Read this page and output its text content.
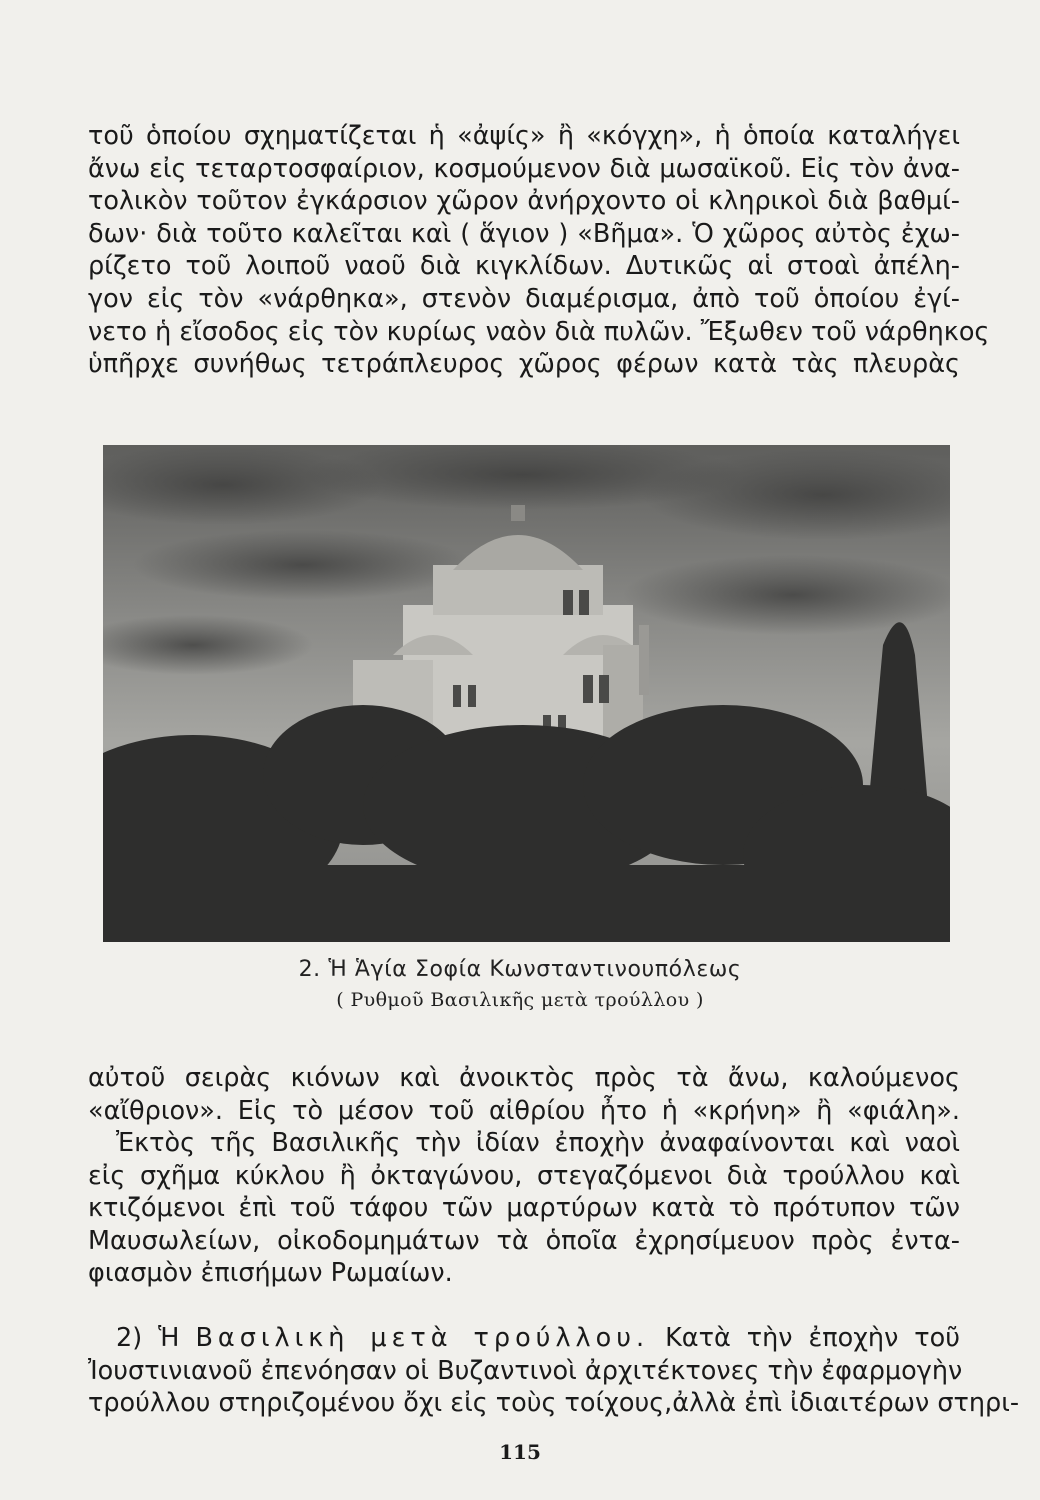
τοῦ ὁποίου σχηματίζεται ἡ «ἀψίς» ἢ «κόγχη», ἡ ὁποία καταλήγει
ἄνω εἰς τεταρτοσφαίριον, κοσμούμενον διὰ μωσαϊκοῦ. Εἰς τὸν ἀνα-
τολικὸν τοῦτον ἐγκάρσιον χῶρον ἀνήρχοντο οἱ κληρικοὶ διὰ βαθμί-
δων· διὰ τοῦτο καλεῖται καὶ ( ἅγιον ) «Βῆμα». Ὁ χῶρος αὐτὸς ἐχω-
ρίζετο τοῦ λοιποῦ ναοῦ διὰ κιγκλίδων. Δυτικῶς αἱ στοαὶ ἀπέλη-
γον εἰς τὸν «νάρθηκα», στενὸν διαμέρισμα, ἀπὸ τοῦ ὁποίου ἐγί-
νετο ἡ εἴσοδος εἰς τὸν κυρίως ναὸν διὰ πυλῶν. Ἔξωθεν τοῦ νάρθηκος
ὑπῆρχε συνήθως τετράπλευρος χῶρος φέρων κατὰ τὰς πλευρὰς
2. Ἡ Ἁγία Σοφία Κωνσταντινουπόλεως
( Ρυθμοῦ Βασιλικῆς μετὰ τρούλλου )
αὐτοῦ σειρὰς κιόνων καὶ ἀνοικτὸς πρὸς τὰ ἄνω, καλούμενος
«αἴθριον». Εἰς τὸ μέσον τοῦ αἰθρίου ἦτο ἡ «κρήνη» ἢ «φιάλη».
Ἐκτὸς τῆς Βασιλικῆς τὴν ἰδίαν ἐποχὴν ἀναφαίνονται καὶ ναοὶ
εἰς σχῆμα κύκλου ἢ ὀκταγώνου, στεγαζόμενοι διὰ τρούλλου καὶ
κτιζόμενοι ἐπὶ τοῦ τάφου τῶν μαρτύρων κατὰ τὸ πρότυπον τῶν
Μαυσωλείων, οἰκοδομημάτων τὰ ὁποῖα ἐχρησίμευον πρὸς ἐντα-
φιασμὸν ἐπισήμων Ρωμαίων.
2) Ἡ Βασιλικὴ μετὰ τρούλλου. Κατὰ τὴν ἐποχὴν τοῦ
Ἰουστινιανοῦ ἐπενόησαν οἱ Βυζαντινοὶ ἀρχιτέκτονες τὴν ἐφαρμογὴν
τρούλλου στηριζομένου ὄχι εἰς τοὺς τοίχους,ἀλλὰ ἐπὶ ἰδιαιτέρων στηρι-
115
